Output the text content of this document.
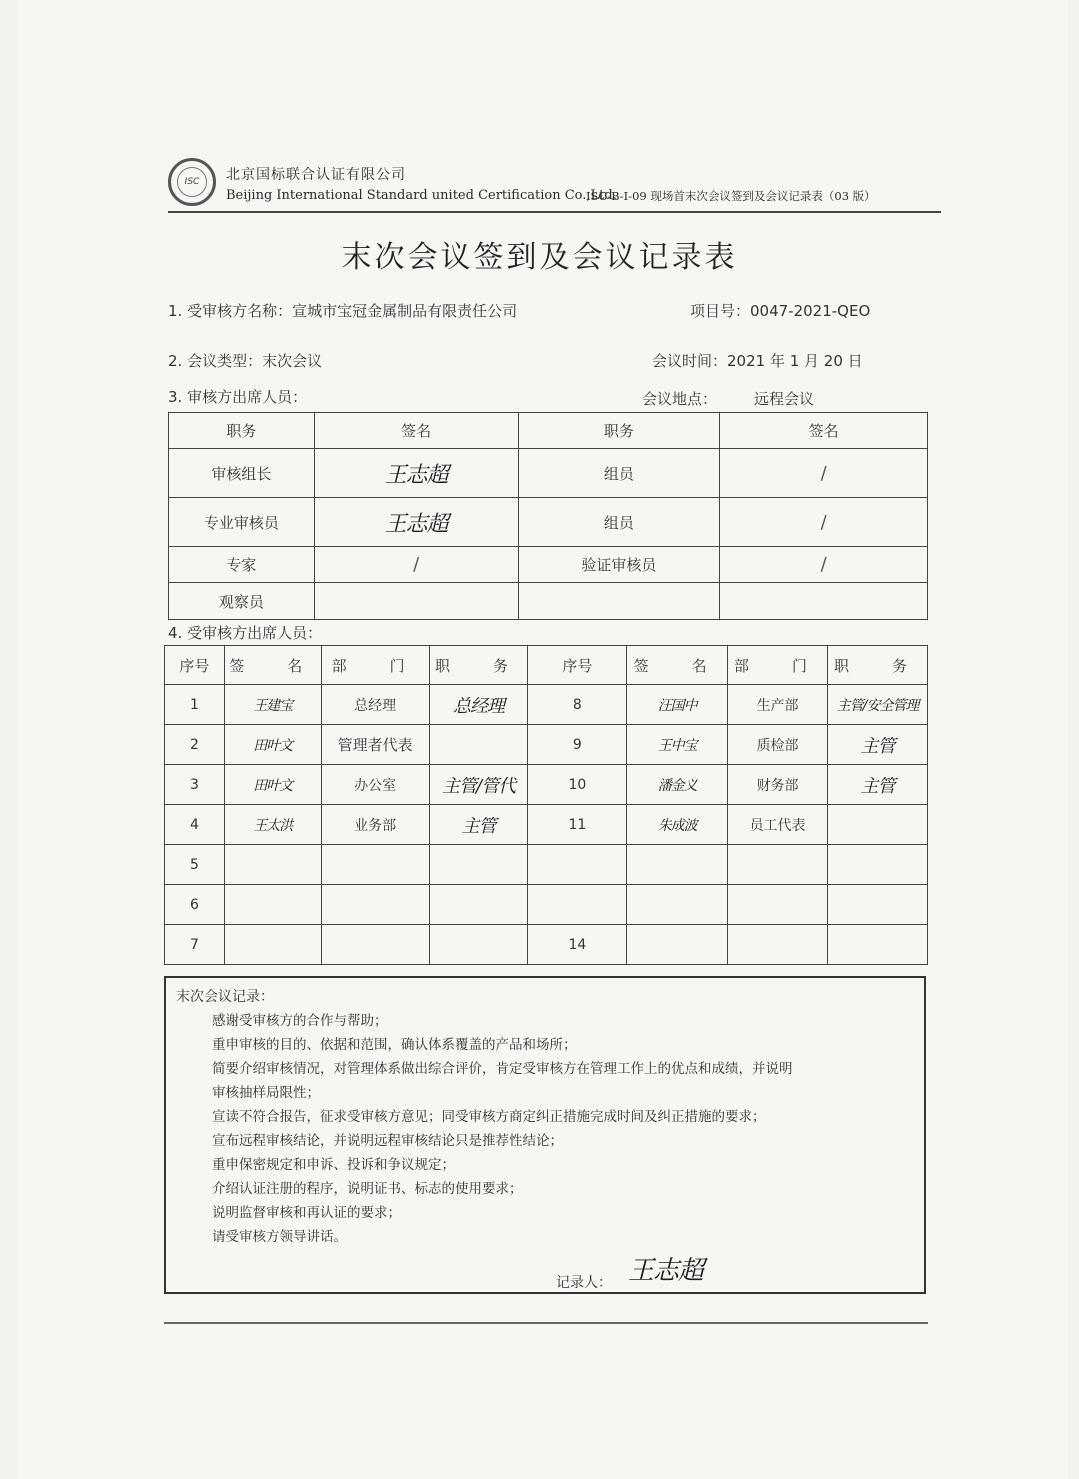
ISC	北京国标联合认证有限公司
Beijing International Standard united Certification Co.,Ltd.
ISC-B-I-09 现场首末次会议签到及会议记录表（03 版）
末次会议签到及会议记录表
1. 受审核方名称：宣城市宝冠金属制品有限责任公司	项目号：0047-2021-QEO
2. 会议类型：末次会议	会议时间：2021 年 1 月 20 日
3. 审核方出席人员：	会议地点： 远程会议
职务	签名	职务	签名
审核组长	王志超	组员	/
专业审核员	王志超	组员	/
专家	/	验证审核员	/
观察员			
4. 受审核方出席人员：
序号	签　名	部　门	职　务	序号	签　名	部　门	职　务
1	王建宝	总经理	总经理	8	汪国中	生产部	主管/安全管理
2	田叶文	管理者代表		9	王中宝	质检部	主管
3	田叶文	办公室	主管/管代	10	潘金义	财务部	主管
4	王太洪	业务部	主管	11	朱成波	员工代表	
5							
6							
7				14			
末次会议记录：
感谢受审核方的合作与帮助；
重申审核的目的、依据和范围，确认体系覆盖的产品和场所；
简要介绍审核情况，对管理体系做出综合评价，肯定受审核方在管理工作上的优点和成绩，并说明
审核抽样局限性；
宣读不符合报告，征求受审核方意见；同受审核方商定纠正措施完成时间及纠正措施的要求；
宣布远程审核结论，并说明远程审核结论只是推荐性结论；
重申保密规定和申诉、投诉和争议规定；
介绍认证注册的程序，说明证书、标志的使用要求；
说明监督审核和再认证的要求；
请受审核方领导讲话。
记录人： 王志超
